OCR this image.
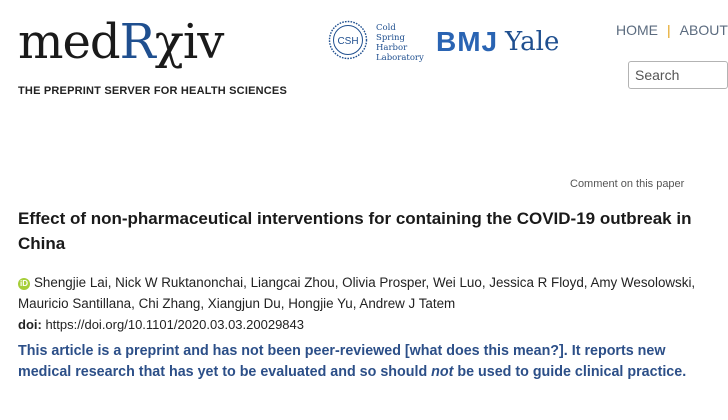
medRχiv
THE PREPRINT SERVER FOR HEALTH SCIENCES
CSH
Cold
Spring
Harbor
Laboratory
BMJ Yale	HOME | ABOUT
Search
Comment on this paper
Effect of non-pharmaceutical interventions for containing the COVID-19 outbreak in China
iD Shengjie Lai, Nick W Ruktanonchai, Liangcai Zhou, Olivia Prosper, Wei Luo, Jessica R Floyd, Amy Wesolowski,
Mauricio Santillana, Chi Zhang, Xiangjun Du, Hongjie Yu, Andrew J Tatem
doi: https://doi.org/10.1101/2020.03.03.20029843
This article is a preprint and has not been peer-reviewed [what does this mean?]. It reports new medical research that has yet to be evaluated and so should not be used to guide clinical practice.
